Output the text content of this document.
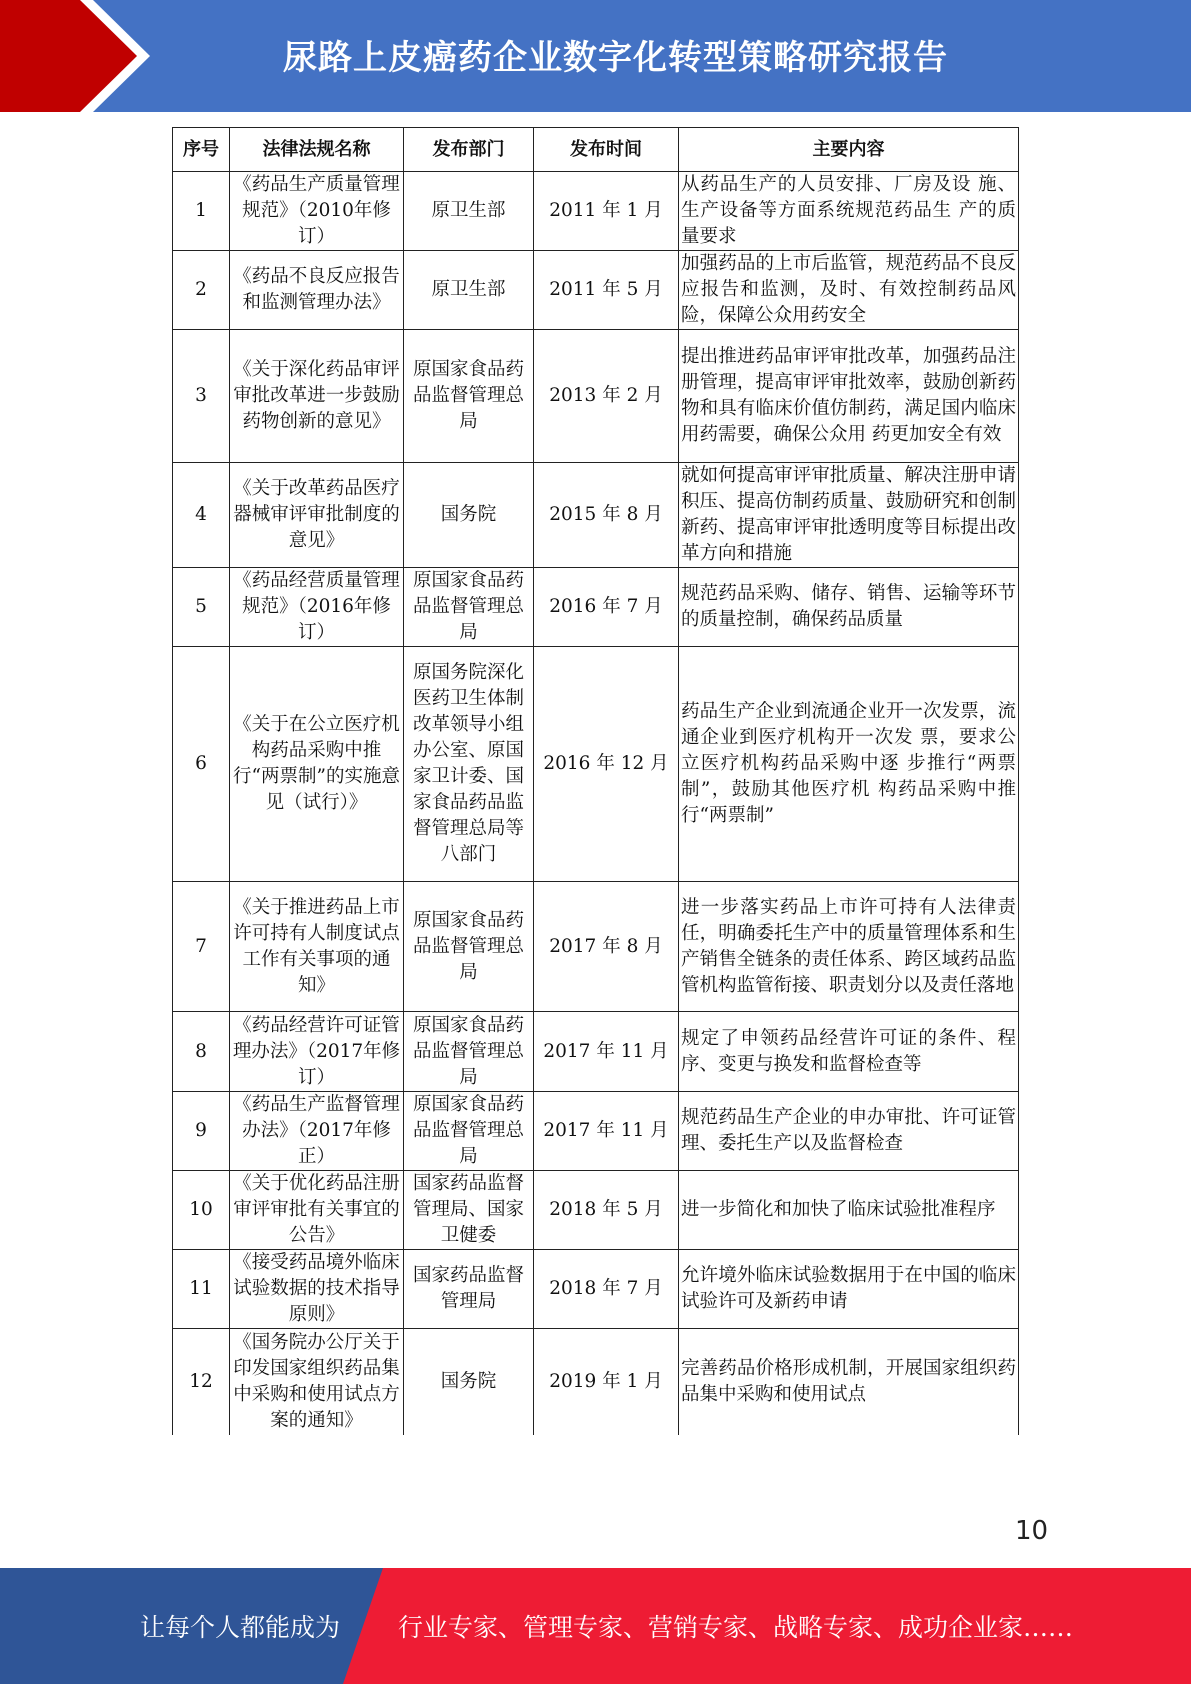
尿路上皮癌药企业数字化转型策略研究报告
序号	法律法规名称	发布部门	发布时间	主要内容
1	《药品生产质量管理规范》（2010年修订）	原卫生部	2011 年 1 月	从药品生产的人员安排、厂房及设 施、生产设备等方面系统规范药品生 产的质量要求
2	《药品不良反应报告和监测管理办法》	原卫生部	2011 年 5 月	加强药品的上市后监管，规范药品不良反应报告和监测，及时、有效控制药品风险，保障公众用药安全
3	《关于深化药品审评审批改革进一步鼓励药物创新的意见》	原国家食品药品监督管理总局	2013 年 2 月	提出推进药品审评审批改革，加强药品注册管理，提高审评审批效率，鼓励创新药物和具有临床价值仿制药，满足国内临床用药需要，确保公众用 药更加安全有效
4	《关于改革药品医疗器械审评审批制度的意见》	国务院	2015 年 8 月	就如何提高审评审批质量、解决注册申请积压、提高仿制药质量、鼓励研究和创制新药、提高审评审批透明度等目标提出改革方向和措施
5	《药品经营质量管理规范》（2016年修订）	原国家食品药品监督管理总局	2016 年 7 月	规范药品采购、储存、销售、运输等环节的质量控制，确保药品质量
6	《关于在公立医疗机构药品采购中推行“两票制”的实施意见（试行）》	原国务院深化医药卫生体制改革领导小组办公室、原国家卫计委、国家食品药品监督管理总局等八部门	2016 年 12 月	药品生产企业到流通企业开一次发票，流通企业到医疗机构开一次发 票，要求公立医疗机构药品采购中逐 步推行“两票制”，鼓励其他医疗机 构药品采购中推行“两票制”
7	《关于推进药品上市许可持有人制度试点工作有关事项的通知》	原国家食品药品监督管理总局	2017 年 8 月	进一步落实药品上市许可持有人法律责任，明确委托生产中的质量管理体系和生产销售全链条的责任体系、跨区域药品监管机构监管衔接、职责划分以及责任落地
8	《药品经营许可证管理办法》（2017年修订）	原国家食品药品监督管理总局	2017 年 11 月	规定了申领药品经营许可证的条件、程序、变更与换发和监督检查等
9	《药品生产监督管理办法》（2017年修正）	原国家食品药品监督管理总局	2017 年 11 月	规范药品生产企业的申办审批、许可证管理、委托生产以及监督检查
10	《关于优化药品注册审评审批有关事宜的公告》	国家药品监督管理局、国家卫健委	2018 年 5 月	进一步简化和加快了临床试验批准程序
11	《接受药品境外临床试验数据的技术指导原则》	国家药品监督管理局	2018 年 7 月	允许境外临床试验数据用于在中国的临床试验许可及新药申请
12	《国务院办公厅关于印发国家组织药品集中采购和使用试点方案的通知》	国务院	2019 年 1 月	完善药品价格形成机制，开展国家组织药品集中采购和使用试点
10
让每个人都能成为 行业专家、管理专家、营销专家、战略专家、成功企业家……
